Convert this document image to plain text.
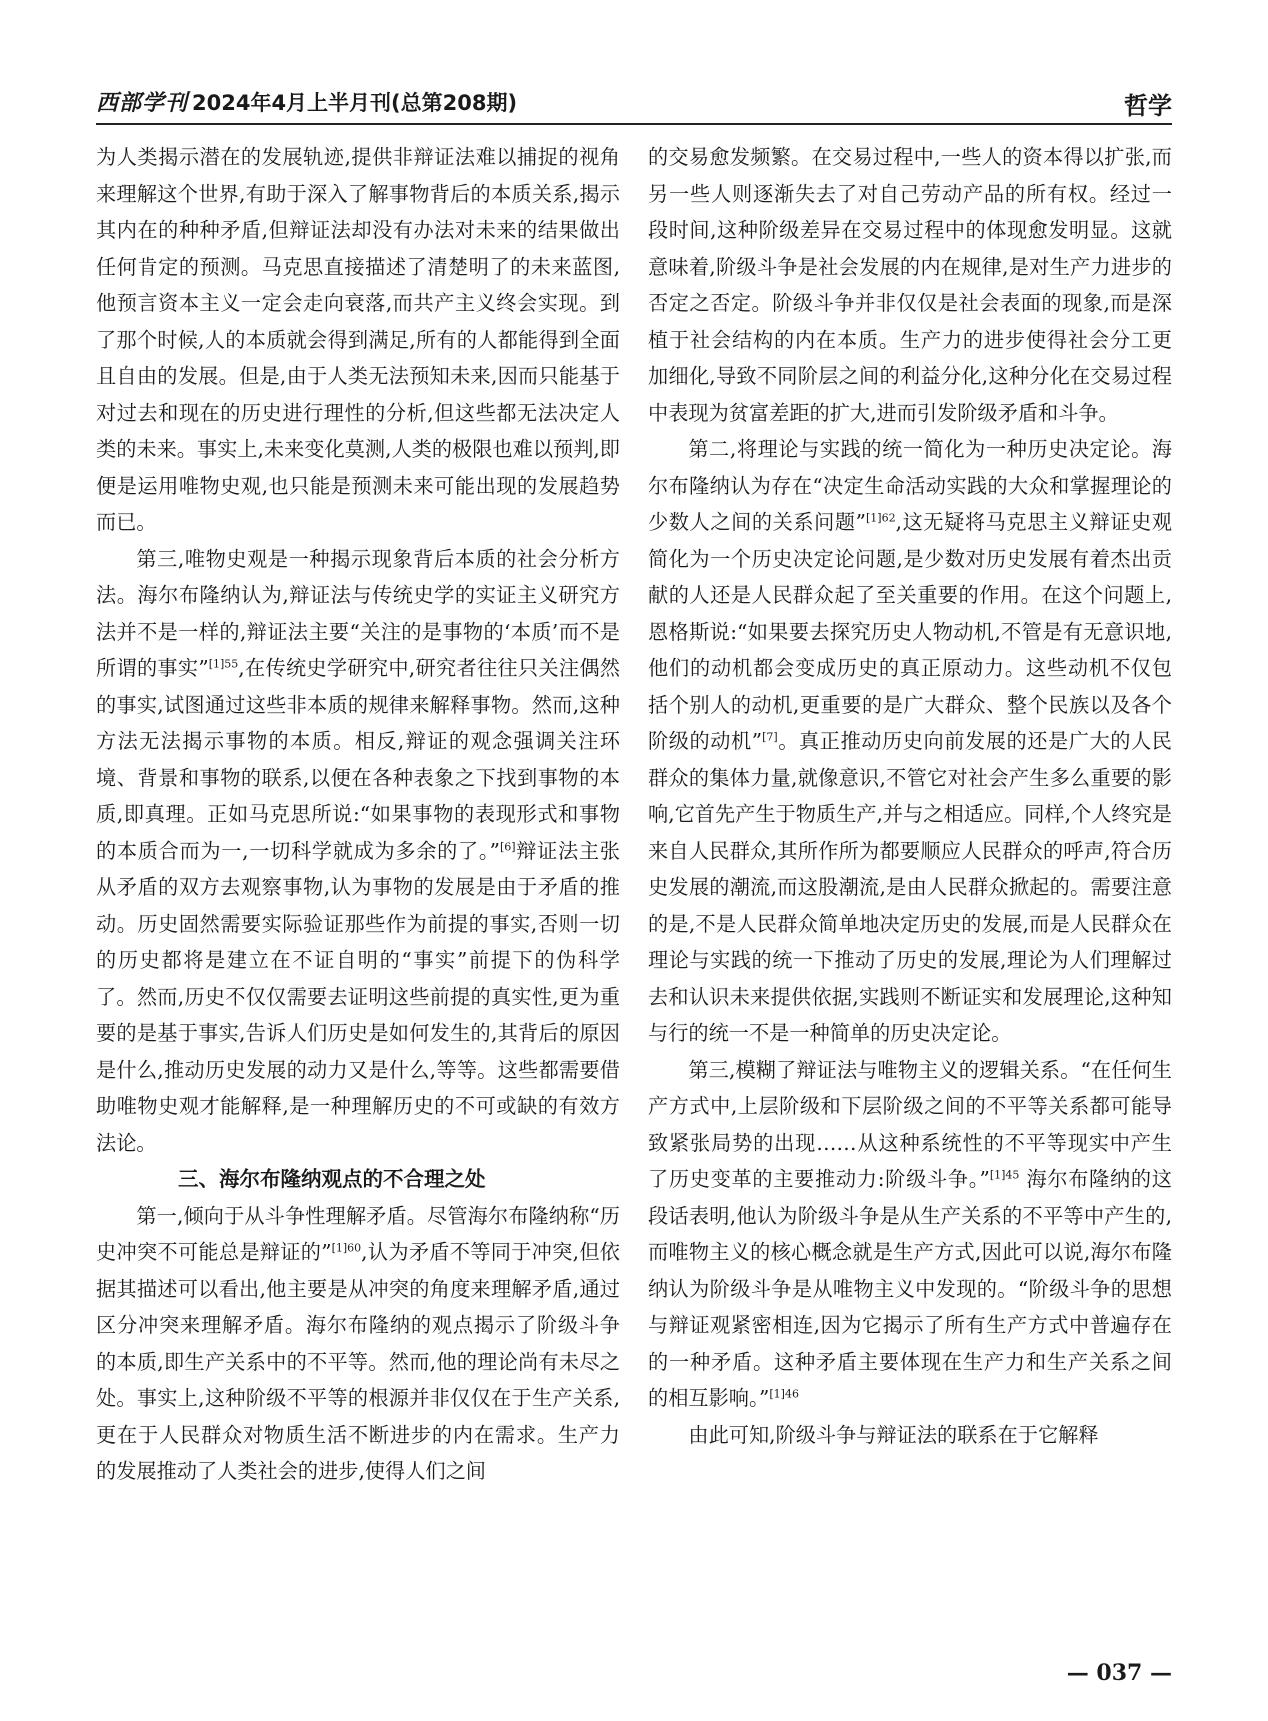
西部学刊 2024年4月上半月刊(总第208期)	哲学

为人类揭示潜在的发展轨迹,提供非辩证法难以捕捉的视角来理解这个世界,有助于深入了解事物背后的本质关系,揭示其内在的种种矛盾,但辩证法却没有办法对未来的结果做出任何肯定的预测。马克思直接描述了清楚明了的未来蓝图,他预言资本主义一定会走向衰落,而共产主义终会实现。到了那个时候,人的本质就会得到满足,所有的人都能得到全面且自由的发展。但是,由于人类无法预知未来,因而只能基于对过去和现在的历史进行理性的分析,但这些都无法决定人类的未来。事实上,未来变化莫测,人类的极限也难以预判,即便是运用唯物史观,也只能是预测未来可能出现的发展趋势而已。

第三,唯物史观是一种揭示现象背后本质的社会分析方法。海尔布隆纳认为,辩证法与传统史学的实证主义研究方法并不是一样的,辩证法主要“关注的是事物的‘本质’而不是所谓的事实”$^{[1]55}$,在传统史学研究中,研究者往往只关注偶然的事实,试图通过这些非本质的规律来解释事物。然而,这种方法无法揭示事物的本质。相反,辩证的观念强调关注环境、背景和事物的联系,以便在各种表象之下找到事物的本质,即真理。正如马克思所说:“如果事物的表现形式和事物的本质合而为一,一切科学就成为多余的了。”[6]辩证法主张从矛盾的双方去观察事物,认为事物的发展是由于矛盾的推动。历史固然需要实际验证那些作为前提的事实,否则一切的历史都将是建立在不证自明的“事实”前提下的伪科学了。然而,历史不仅仅需要去证明这些前提的真实性,更为重要的是基于事实,告诉人们历史是如何发生的,其背后的原因是什么,推动历史发展的动力又是什么,等等。这些都需要借助唯物史观才能解释,是一种理解历史的不可或缺的有效方法论。

三、海尔布隆纳观点的不合理之处

第一,倾向于从斗争性理解矛盾。尽管海尔布隆纳称“历史冲突不可能总是辩证的”$^{[1]60}$,认为矛盾不等同于冲突,但依据其描述可以看出,他主要是从冲突的角度来理解矛盾,通过区分冲突来理解矛盾。海尔布隆纳的观点揭示了阶级斗争的本质,即生产关系中的不平等。然而,他的理论尚有未尽之处。事实上,这种阶级不平等的根源并非仅仅在于生产关系,更在于人民群众对物质生活不断进步的内在需求。生产力的发展推动了人类社会的进步,使得人们之间

的交易愈发频繁。在交易过程中,一些人的资本得以扩张,而另一些人则逐渐失去了对自己劳动产品的所有权。经过一段时间,这种阶级差异在交易过程中的体现愈发明显。这就意味着,阶级斗争是社会发展的内在规律,是对生产力进步的否定之否定。阶级斗争并非仅仅是社会表面的现象,而是深植于社会结构的内在本质。生产力的进步使得社会分工更加细化,导致不同阶层之间的利益分化,这种分化在交易过程中表现为贫富差距的扩大,进而引发阶级矛盾和斗争。

第二,将理论与实践的统一简化为一种历史决定论。海尔布隆纳认为存在“决定生命活动实践的大众和掌握理论的少数人之间的关系问题”$^{[1]62}$,这无疑将马克思主义辩证史观简化为一个历史决定论问题,是少数对历史发展有着杰出贡献的人还是人民群众起了至关重要的作用。在这个问题上,恩格斯说:“如果要去探究历史人物动机,不管是有无意识地,他们的动机都会变成历史的真正原动力。这些动机不仅包括个别人的动机,更重要的是广大群众、整个民族以及各个阶级的动机”[7]。真正推动历史向前发展的还是广大的人民群众的集体力量,就像意识,不管它对社会产生多么重要的影响,它首先产生于物质生产,并与之相适应。同样,个人终究是来自人民群众,其所作所为都要顺应人民群众的呼声,符合历史发展的潮流,而这股潮流,是由人民群众掀起的。需要注意的是,不是人民群众简单地决定历史的发展,而是人民群众在理论与实践的统一下推动了历史的发展,理论为人们理解过去和认识未来提供依据,实践则不断证实和发展理论,这种知与行的统一不是一种简单的历史决定论。

第三,模糊了辩证法与唯物主义的逻辑关系。“在任何生产方式中,上层阶级和下层阶级之间的不平等关系都可能导致紧张局势的出现……从这种系统性的不平等现实中产生了历史变革的主要推动力:阶级斗争。”$^{[1]45}$ 海尔布隆纳的这段话表明,他认为阶级斗争是从生产关系的不平等中产生的,而唯物主义的核心概念就是生产方式,因此可以说,海尔布隆纳认为阶级斗争是从唯物主义中发现的。“阶级斗争的思想与辩证观紧密相连,因为它揭示了所有生产方式中普遍存在的一种矛盾。这种矛盾主要体现在生产力和生产关系之间的相互影响。”$^{[1]46}$

由此可知,阶级斗争与辩证法的联系在于它解释

— 037 —
